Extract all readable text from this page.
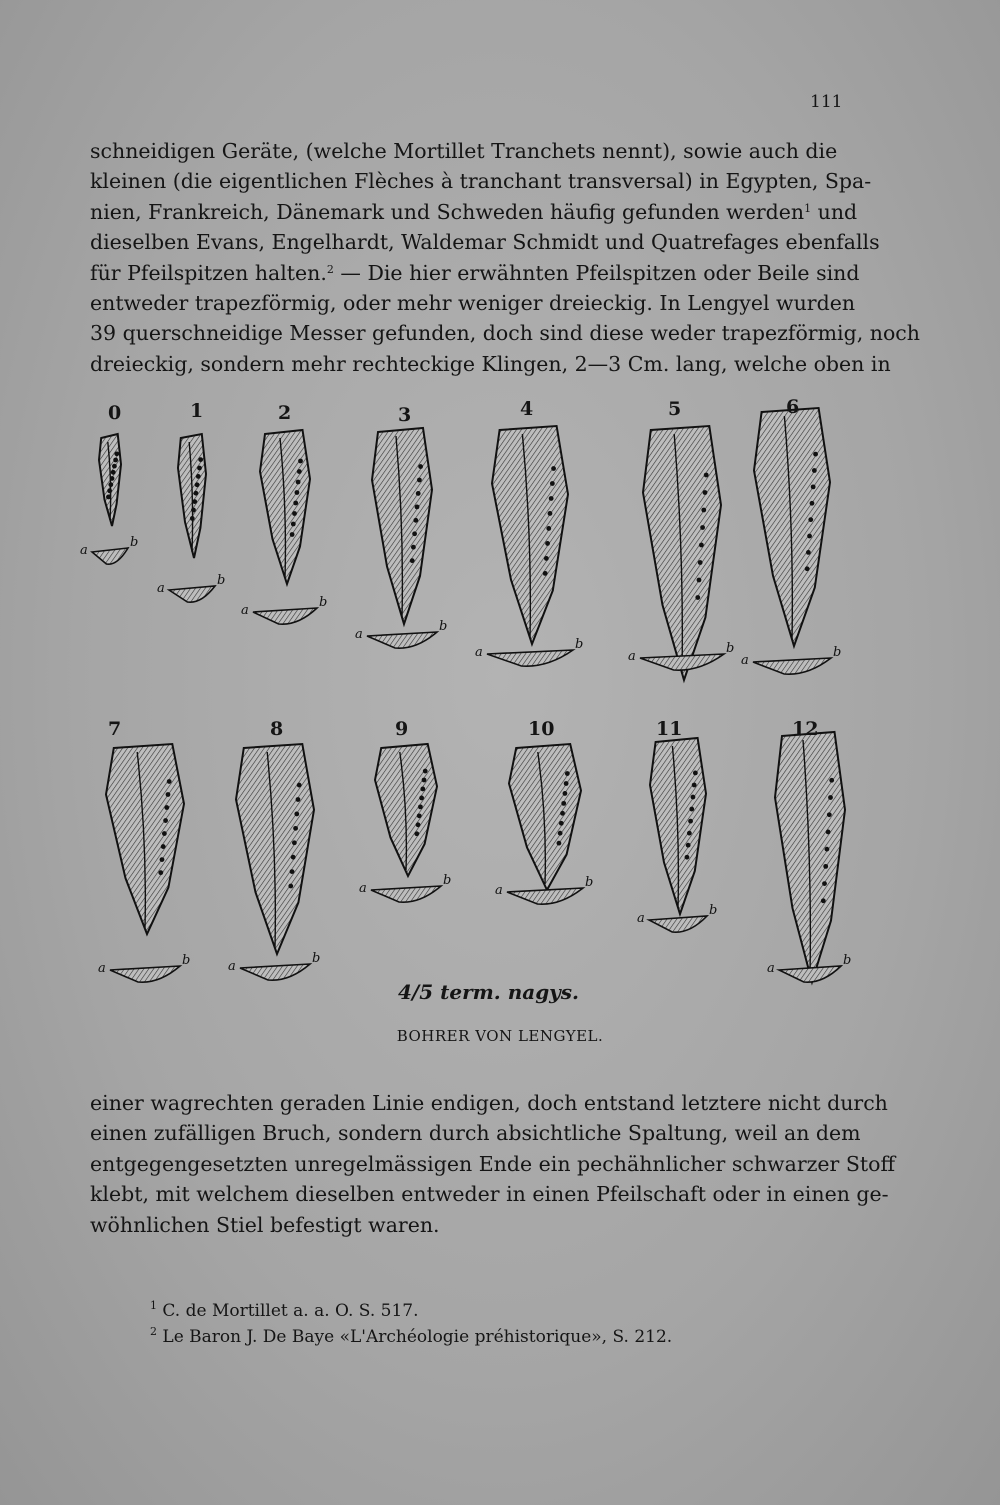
111
schneidigen Geräte, (welche Mortillet Tranchets nennt), sowie auch die
kleinen (die eigentlichen Flèches à tranchant transversal) in Egypten, Spa-
nien, Frankreich, Dänemark und Schweden häufig gefunden werden$^1$ und
dieselben Evans, Engelhardt, Waldemar Schmidt und Quatrefages ebenfalls
für Pfeilspitzen halten.$^2$ — Die hier erwähnten Pfeilspitzen oder Beile sind
entweder trapezförmig, oder mehr weniger dreieckig. In Lengyel wurden
39 querschneidige Messer gefunden, doch sind diese weder trapezförmig, noch
dreieckig, sondern mehr rechteckige Klingen, 2—3 Cm. lang, welche oben in
a
b
a
b
a
b
a
b
a
b
a
b
a
b
a
b	a
b
a
b
a
b
a
b
a
b
0	1	2	3	4	5	6
7	8	9	10	11	12
4/5 term. nagys.
BOHRER VON LENGYEL.
einer wagrechten geraden Linie endigen, doch entstand letztere nicht durch
einen zufälligen Bruch, sondern durch absichtliche Spaltung, weil an dem
entgegengesetzten unregelmässigen Ende ein pechähnlicher schwarzer Stoff
klebt, mit welchem dieselben entweder in einen Pfeilschaft oder in einen ge-
wöhnlichen Stiel befestigt waren.
$^1$ C. de Mortillet a. a. O. S. 517.
$^2$ Le Baron J. De Baye «L'Archéologie préhistorique», S. 212.
